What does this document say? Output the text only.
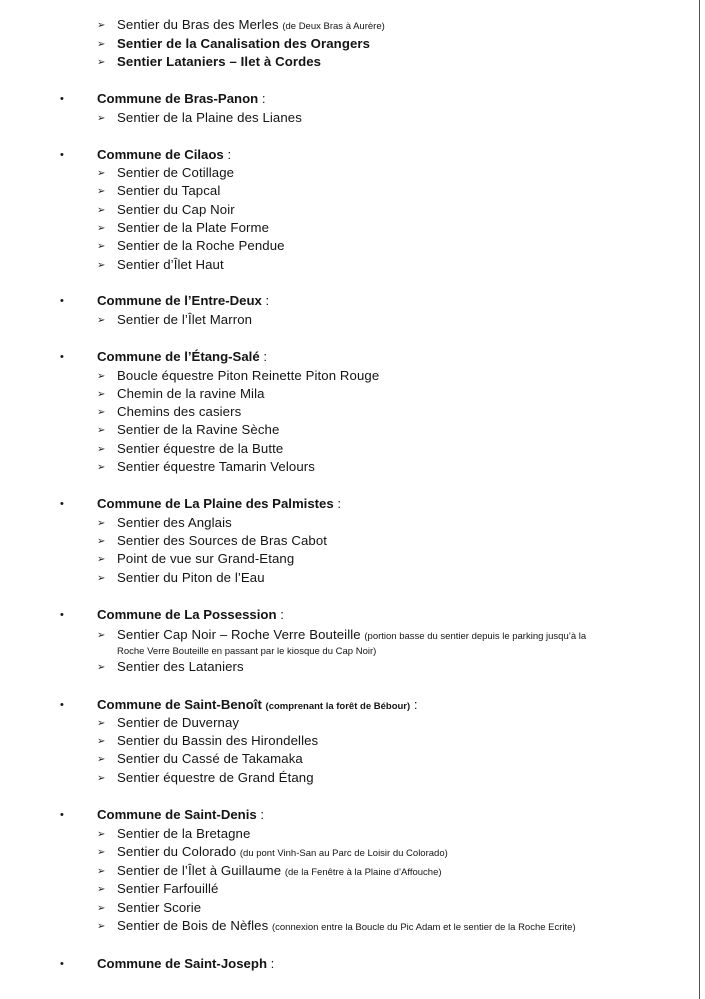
➢ Sentier du Bras des Merles (de Deux Bras à Aurère)
➢ Sentier de la Canalisation des Orangers
➢ Sentier Lataniers – Ilet à Cordes
•	Commune de Bras-Panon :
➢ Sentier de la Plaine des Lianes
•	Commune de Cilaos :
➢ Sentier de Cotillage
➢ Sentier du Tapcal
➢ Sentier du Cap Noir
➢ Sentier de la Plate Forme
➢ Sentier de la Roche Pendue
➢ Sentier d’Îlet Haut
•	Commune de l’Entre-Deux :
➢ Sentier de l’Îlet Marron
•	Commune de l’Étang-Salé :
➢ Boucle équestre Piton Reinette Piton Rouge
➢ Chemin de la ravine Mila
➢ Chemins des casiers
➢ Sentier de la Ravine Sèche
➢ Sentier équestre de la Butte
➢ Sentier équestre Tamarin Velours
•	Commune de La Plaine des Palmistes :
➢ Sentier des Anglais
➢ Sentier des Sources de Bras Cabot
➢ Point de vue sur Grand-Etang
➢ Sentier du Piton de l’Eau
•	Commune de La Possession :
➢ Sentier Cap Noir – Roche Verre Bouteille (portion basse du sentier depuis le parking jusqu’à la
Roche Verre Bouteille en passant par le kiosque du Cap Noir)
➢ Sentier des Lataniers
•	Commune de Saint-Benoît (comprenant la forêt de Bébour) :
➢ Sentier de Duvernay
➢ Sentier du Bassin des Hirondelles
➢ Sentier du Cassé de Takamaka
➢ Sentier équestre de Grand Étang
•	Commune de Saint-Denis :
➢ Sentier de la Bretagne
➢ Sentier du Colorado (du pont Vinh-San au Parc de Loisir du Colorado)
➢ Sentier de l’Îlet à Guillaume (de la Fenêtre à la Plaine d’Affouche)
➢ Sentier Farfouillé
➢ Sentier Scorie
➢ Sentier de Bois de Nèfles (connexion entre la Boucle du Pic Adam et le sentier de la Roche Ecrite)
•	Commune de Saint-Joseph :
